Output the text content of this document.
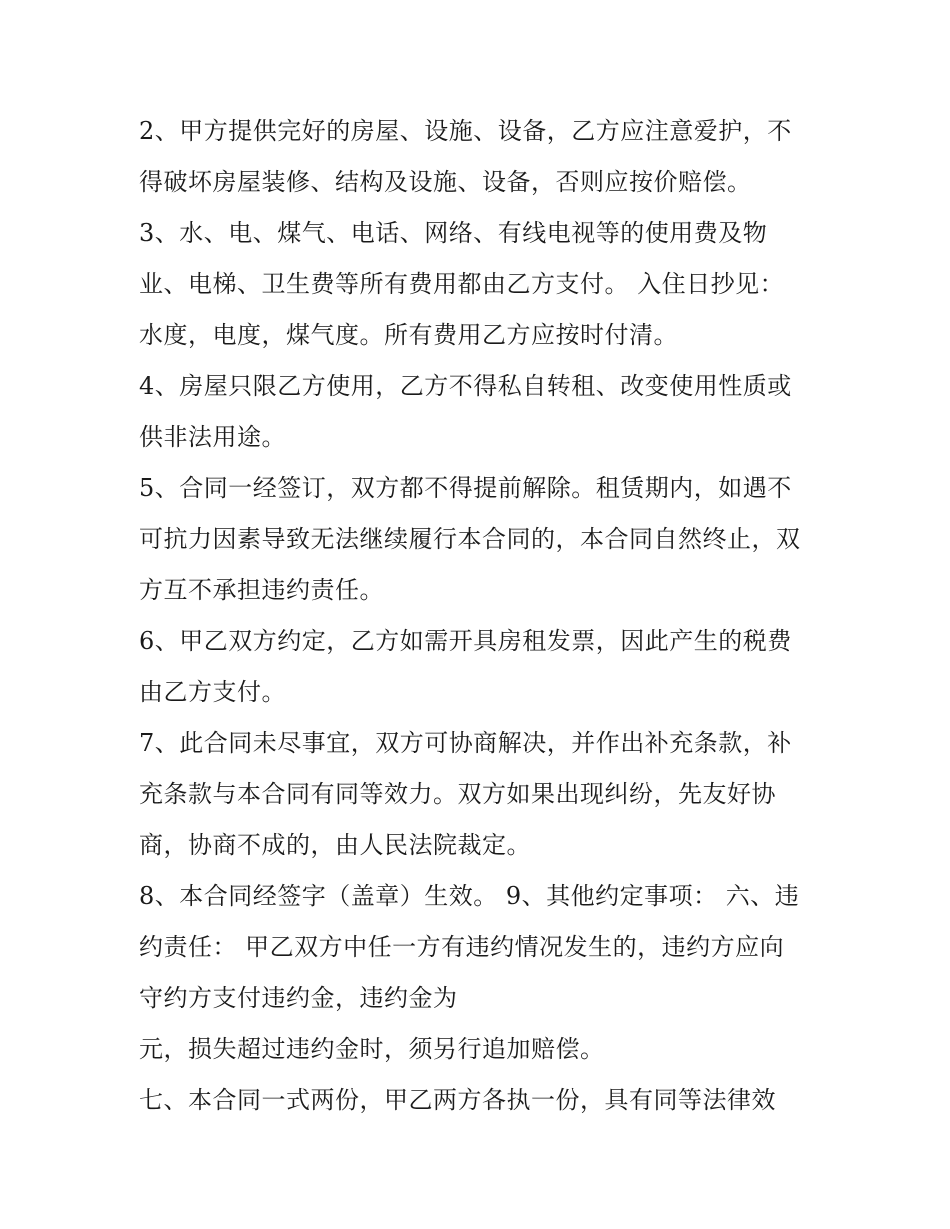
2、甲方提供完好的房屋、设施、设备，乙方应注意爱护，不
得破坏房屋装修、结构及设施、设备，否则应按价赔偿。
3、水、电、煤气、电话、网络、有线电视等的使用费及物
业、电梯、卫生费等所有费用都由乙方支付。 入住日抄见：
水度，电度，煤气度。所有费用乙方应按时付清。
4、房屋只限乙方使用，乙方不得私自转租、改变使用性质或
供非法用途。
5、合同一经签订，双方都不得提前解除。租赁期内，如遇不
可抗力因素导致无法继续履行本合同的，本合同自然终止，双
方互不承担违约责任。
6、甲乙双方约定，乙方如需开具房租发票，因此产生的税费
由乙方支付。
7、此合同未尽事宜，双方可协商解决，并作出补充条款，补
充条款与本合同有同等效力。双方如果出现纠纷，先友好协
商，协商不成的，由人民法院裁定。
8、本合同经签字（盖章）生效。 9、其他约定事项： 六、违
约责任： 甲乙双方中任一方有违约情况发生的，违约方应向
守约方支付违约金，违约金为
元，损失超过违约金时，须另行追加赔偿。
七、本合同一式两份，甲乙两方各执一份，具有同等法律效
